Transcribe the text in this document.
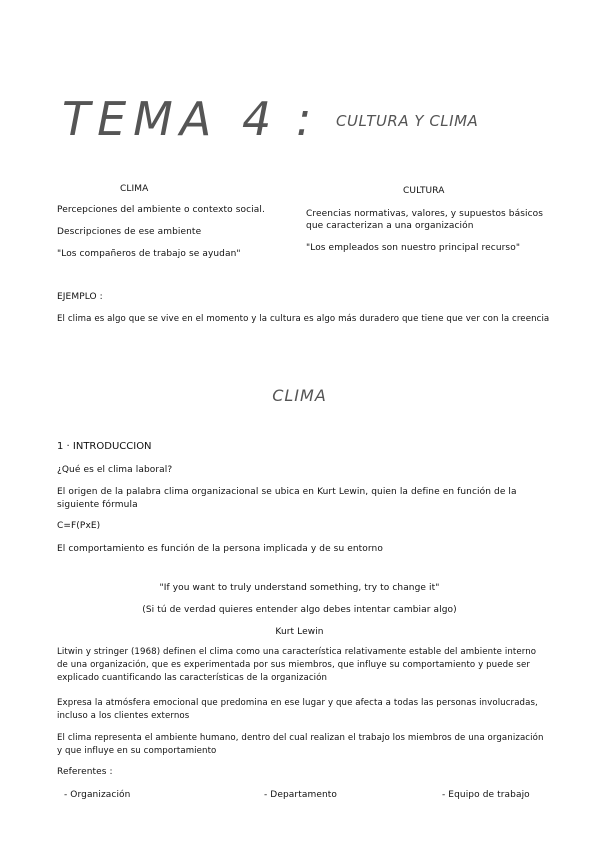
TEMA 4 : CULTURA Y CLIMA
CLIMA
Percepciones del ambiente o contexto social.
Descripciones de ese ambiente
"Los compañeros de trabajo se ayudan"
CULTURA
Creencias normativas, valores, y supuestos básicos que caracterizan a una organización
"Los empleados son nuestro principal recurso"
EJEMPLO :
El clima es algo que se vive en el momento y la cultura es algo más duradero que tiene que ver con la creencia
CLIMA
1 · INTRODUCCION
¿Qué es el clima laboral?
El origen de la palabra clima organizacional se ubica en Kurt Lewin, quien la define en función de la siguiente fórmula
C=F(PxE)
El comportamiento es función de la persona implicada y de su entorno
"If you want to truly understand something, try to change it"
(Si tú de verdad quieres entender algo debes intentar cambiar algo)
Kurt Lewin
Litwin y stringer (1968) definen el clima como una característica relativamente estable del ambiente interno de una organización, que es experimentada por sus miembros, que influye su comportamiento y puede ser explicado cuantificando las características de la organización
Expresa la atmósfera emocional que predomina en ese lugar y que afecta a todas las personas involucradas, incluso a los clientes externos
El clima representa el ambiente humano, dentro del cual realizan el trabajo los miembros de una organización y que influye en su comportamiento
Referentes :
- Organización	- Departamento	- Equipo de trabajo
